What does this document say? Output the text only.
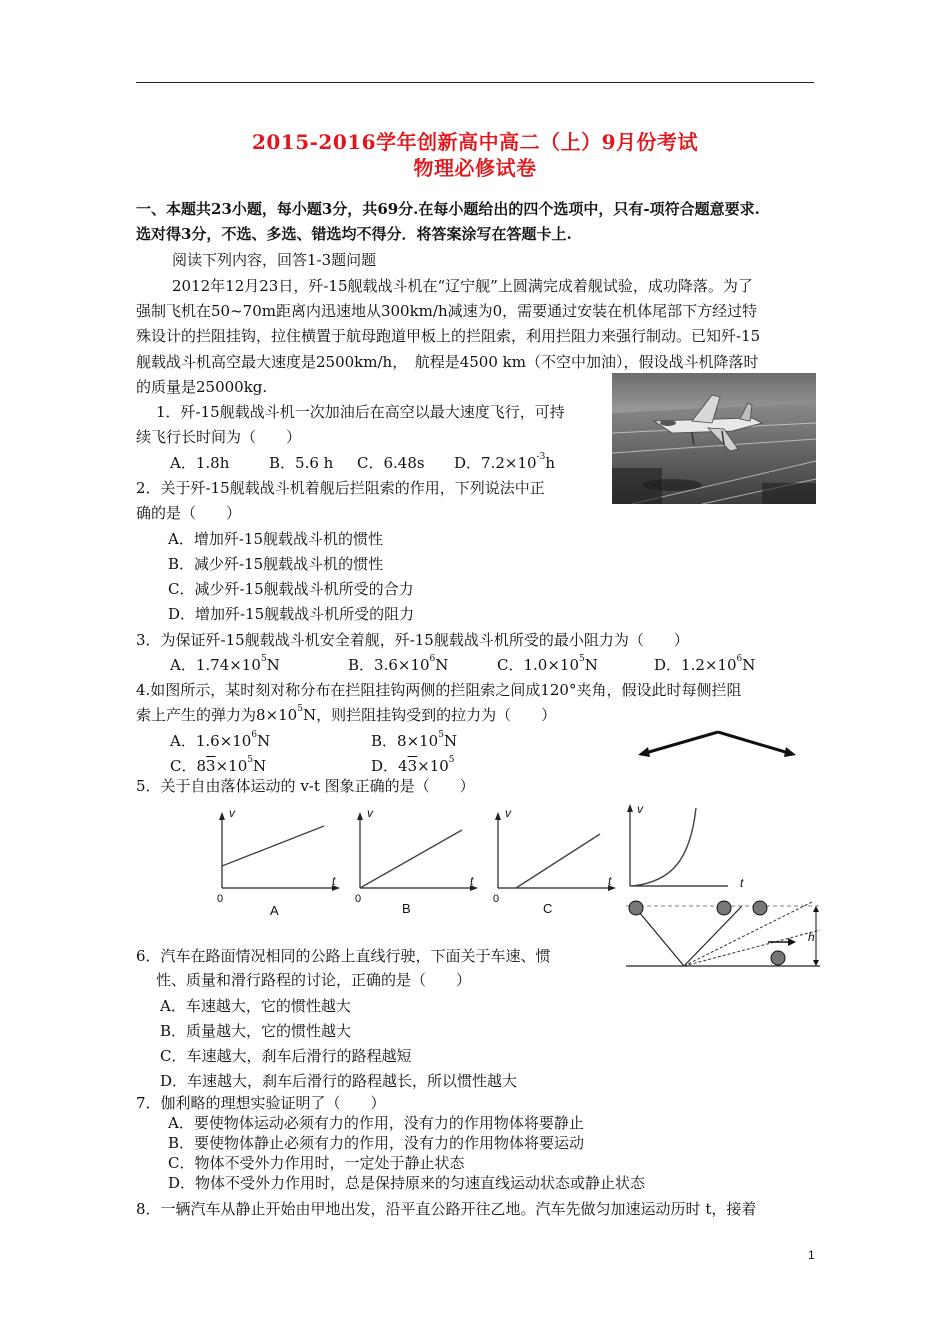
2015-2016学年创新高中高二（上）9月份考试
物理必修试卷
一、本题共23小题，每小题3分，共69分.在每小题给出的四个选项中，只有-项符合题意要求.
选对得3分，不选、多选、错选均不得分．将答案涂写在答题卡上.
阅读下列内容，回答1-3题问题
2012年12月23日，歼-15舰载战斗机在“辽宁舰”上圆满完成着舰试验，成功降落。为了
强制飞机在50~70m距离内迅速地从300km/h减速为0，需要通过安装在机体尾部下方经过特
殊设计的拦阻挂钩，拉住横置于航母跑道甲板上的拦阻索，利用拦阻力来强行制动。已知歼-15
舰载战斗机高空最大速度是2500km/h，　航程是4500 km（不空中加油），假设战斗机降落时
的质量是25000kg.
1．歼-15舰载战斗机一次加油后在高空以最大速度飞行，可持
续飞行长时间为（　　）
A．1.8h	B．5.6 h C．6.48s D．$7.2\times 10^{-3}h$
2．关于歼-15舰载战斗机着舰后拦阻索的作用，下列说法中正
确的是（　　）
A．增加歼-15舰载战斗机的惯性
B．减少歼-15舰载战斗机的惯性
C．减少歼-15舰载战斗机所受的合力
D．增加歼-15舰载战斗机所受的阻力
3．为保证歼-15舰载战斗机安全着舰，歼-15舰载战斗机所受的最小阻力为（　　）
A．$1.74\times 10^5N$	B．$3.6\times 10^6N$	C．$1.0\times 10^5N$	D．$1.2\times 10^6N$
4.如图所示，某时刻对称分布在拦阻挂钩两侧的拦阻索之间成120°夹角，假设此时每侧拦阻
索上产生的弹力为$8\times 10^5N$，则拦阻挂钩受到的拉力为（　　）
A．$1.6\times 10^6N$	B．$8\times 10^5N$
C．$83\times 10^5N$	D．$43\times 10^5$
5．关于自由落体运动的 v-t 图象正确的是（　　）
v
t
0
A
v
t
0
B
v
t
0
C
v
t
h
6．汽车在路面情况相同的公路上直线行驶，下面关于车速、惯
性、质量和滑行路程的讨论，正确的是（　　）
A．车速越大，它的惯性越大
B．质量越大，它的惯性越大
C．车速越大，刹车后滑行的路程越短
D．车速越大，刹车后滑行的路程越长，所以惯性越大
7．伽利略的理想实验证明了（　　）
A．要使物体运动必须有力的作用，没有力的作用物体将要静止
B．要使物体静止必须有力的作用，没有力的作用物体将要运动
C．物体不受外力作用时，一定处于静止状态
D．物体不受外力作用时，总是保持原来的匀速直线运动状态或静止状态
8．一辆汽车从静止开始由甲地出发，沿平直公路开往乙地。汽车先做匀加速运动历时 t，接着
1
